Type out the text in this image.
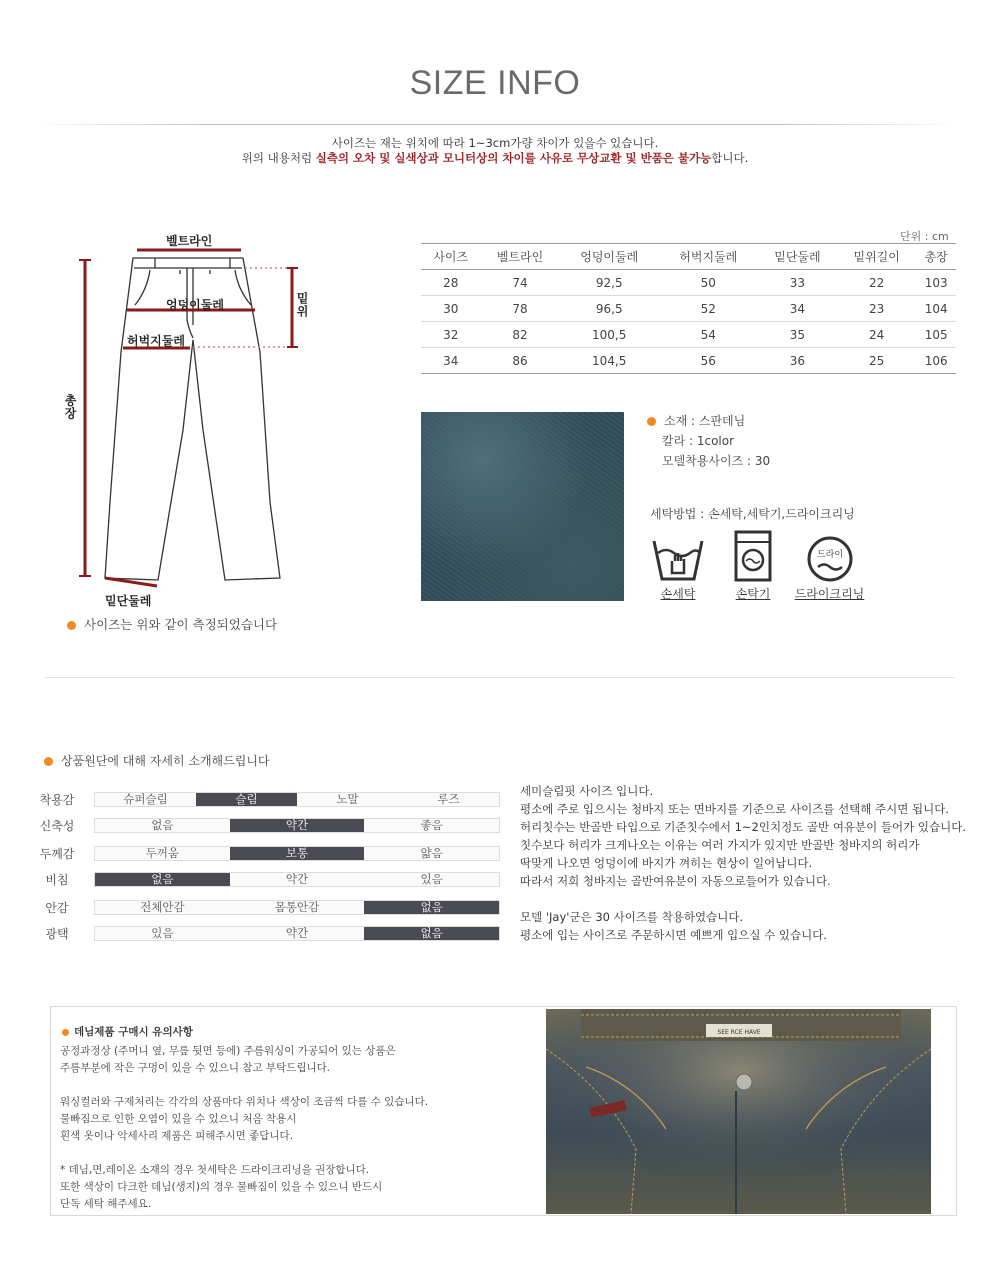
SIZE INFO
사이즈는 재는 위치에 따라 1~3cm가량 차이가 있을수 있습니다.
위의 내용처럼 실측의 오차 및 실색상과 모니터상의 차이를 사유로 무상교환 및 반품은 불가능합니다.
벨트라인
엉덩이둘레
허벅지둘레
밑단둘레
밑위
총장
사이즈는 위와 같이 측정되었습니다
단위 : cm
사이즈	벨트라인	엉덩이둘레	허벅지둘레	밑단둘레	밑위길이	총장
28	74	92,5	50	33	22	103
30	78	96,5	52	34	23	104
32	82	100,5	54	35	24	105
34	86	104,5	56	36	25	106
소재 : 스판데님
칼라 : 1color
모델착용사이즈 : 30
세탁방법 : 손세탁,세탁기,드라이크리닝
드라이
손세탁	손탁기	드라이크리닝
상품원단에 대해 자세히 소개해드립니다
착용감	슈퍼슬림	슬림	노말	루즈
신축성	없음	약간	좋음
두께감	두꺼움	보통	얇음
비침	없음	약간	있음
안감	전체안감	몸통안감	없음
광택	있음	약간	없음
세미슬림핏 사이즈 입니다.
평소에 주로 입으시는 청바지 또는 면바지를 기준으로 사이즈를 선택해 주시면 됩니다.
허리칫수는 반골반 타입으로 기준칫수에서 1~2인치정도 골반 여유분이 들어가 있습니다.
칫수보다 허리가 크게나오는 이유는 여러 가지가 있지만 반골반 청바지의 허리가
딱맞게 나오면 엉덩이에 바지가 껴히는 현상이 일어납니다.
따라서 저희 청바지는 골반여유분이 자동으로들어가 있습니다.
모델 'Jay'군은 30 사이즈를 착용하였습니다.
평소에 입는 사이즈로 주문하시면 예쁘게 입으실 수 있습니다.
데님제품 구매시 유의사항
공정과정상 (주머니 옆, 무릎 뒷면 등에) 주름워싱이 가공되어 있는 상품은
주름부분에 작은 구멍이 있을 수 있으니 참고 부탁드립니다.
워싱컬러와 구제처리는 각각의 상품마다 위치나 색상이 조금씩 다를 수 있습니다.
물빠짐으로 인한 오염이 있을 수 있으니 처음 착용시
흰색 옷이나 악세사리 제품은 피해주시면 좋답니다.
* 데님,면,레이온 소재의 경우 첫세탁은 드라이크리닝을 권장합니다.
또한 색상이 다크한 데님(생지)의 경우 물빠짐이 있을 수 있으니 반드시
단독 세탁 해주세요.
SEE RCE HAVE
